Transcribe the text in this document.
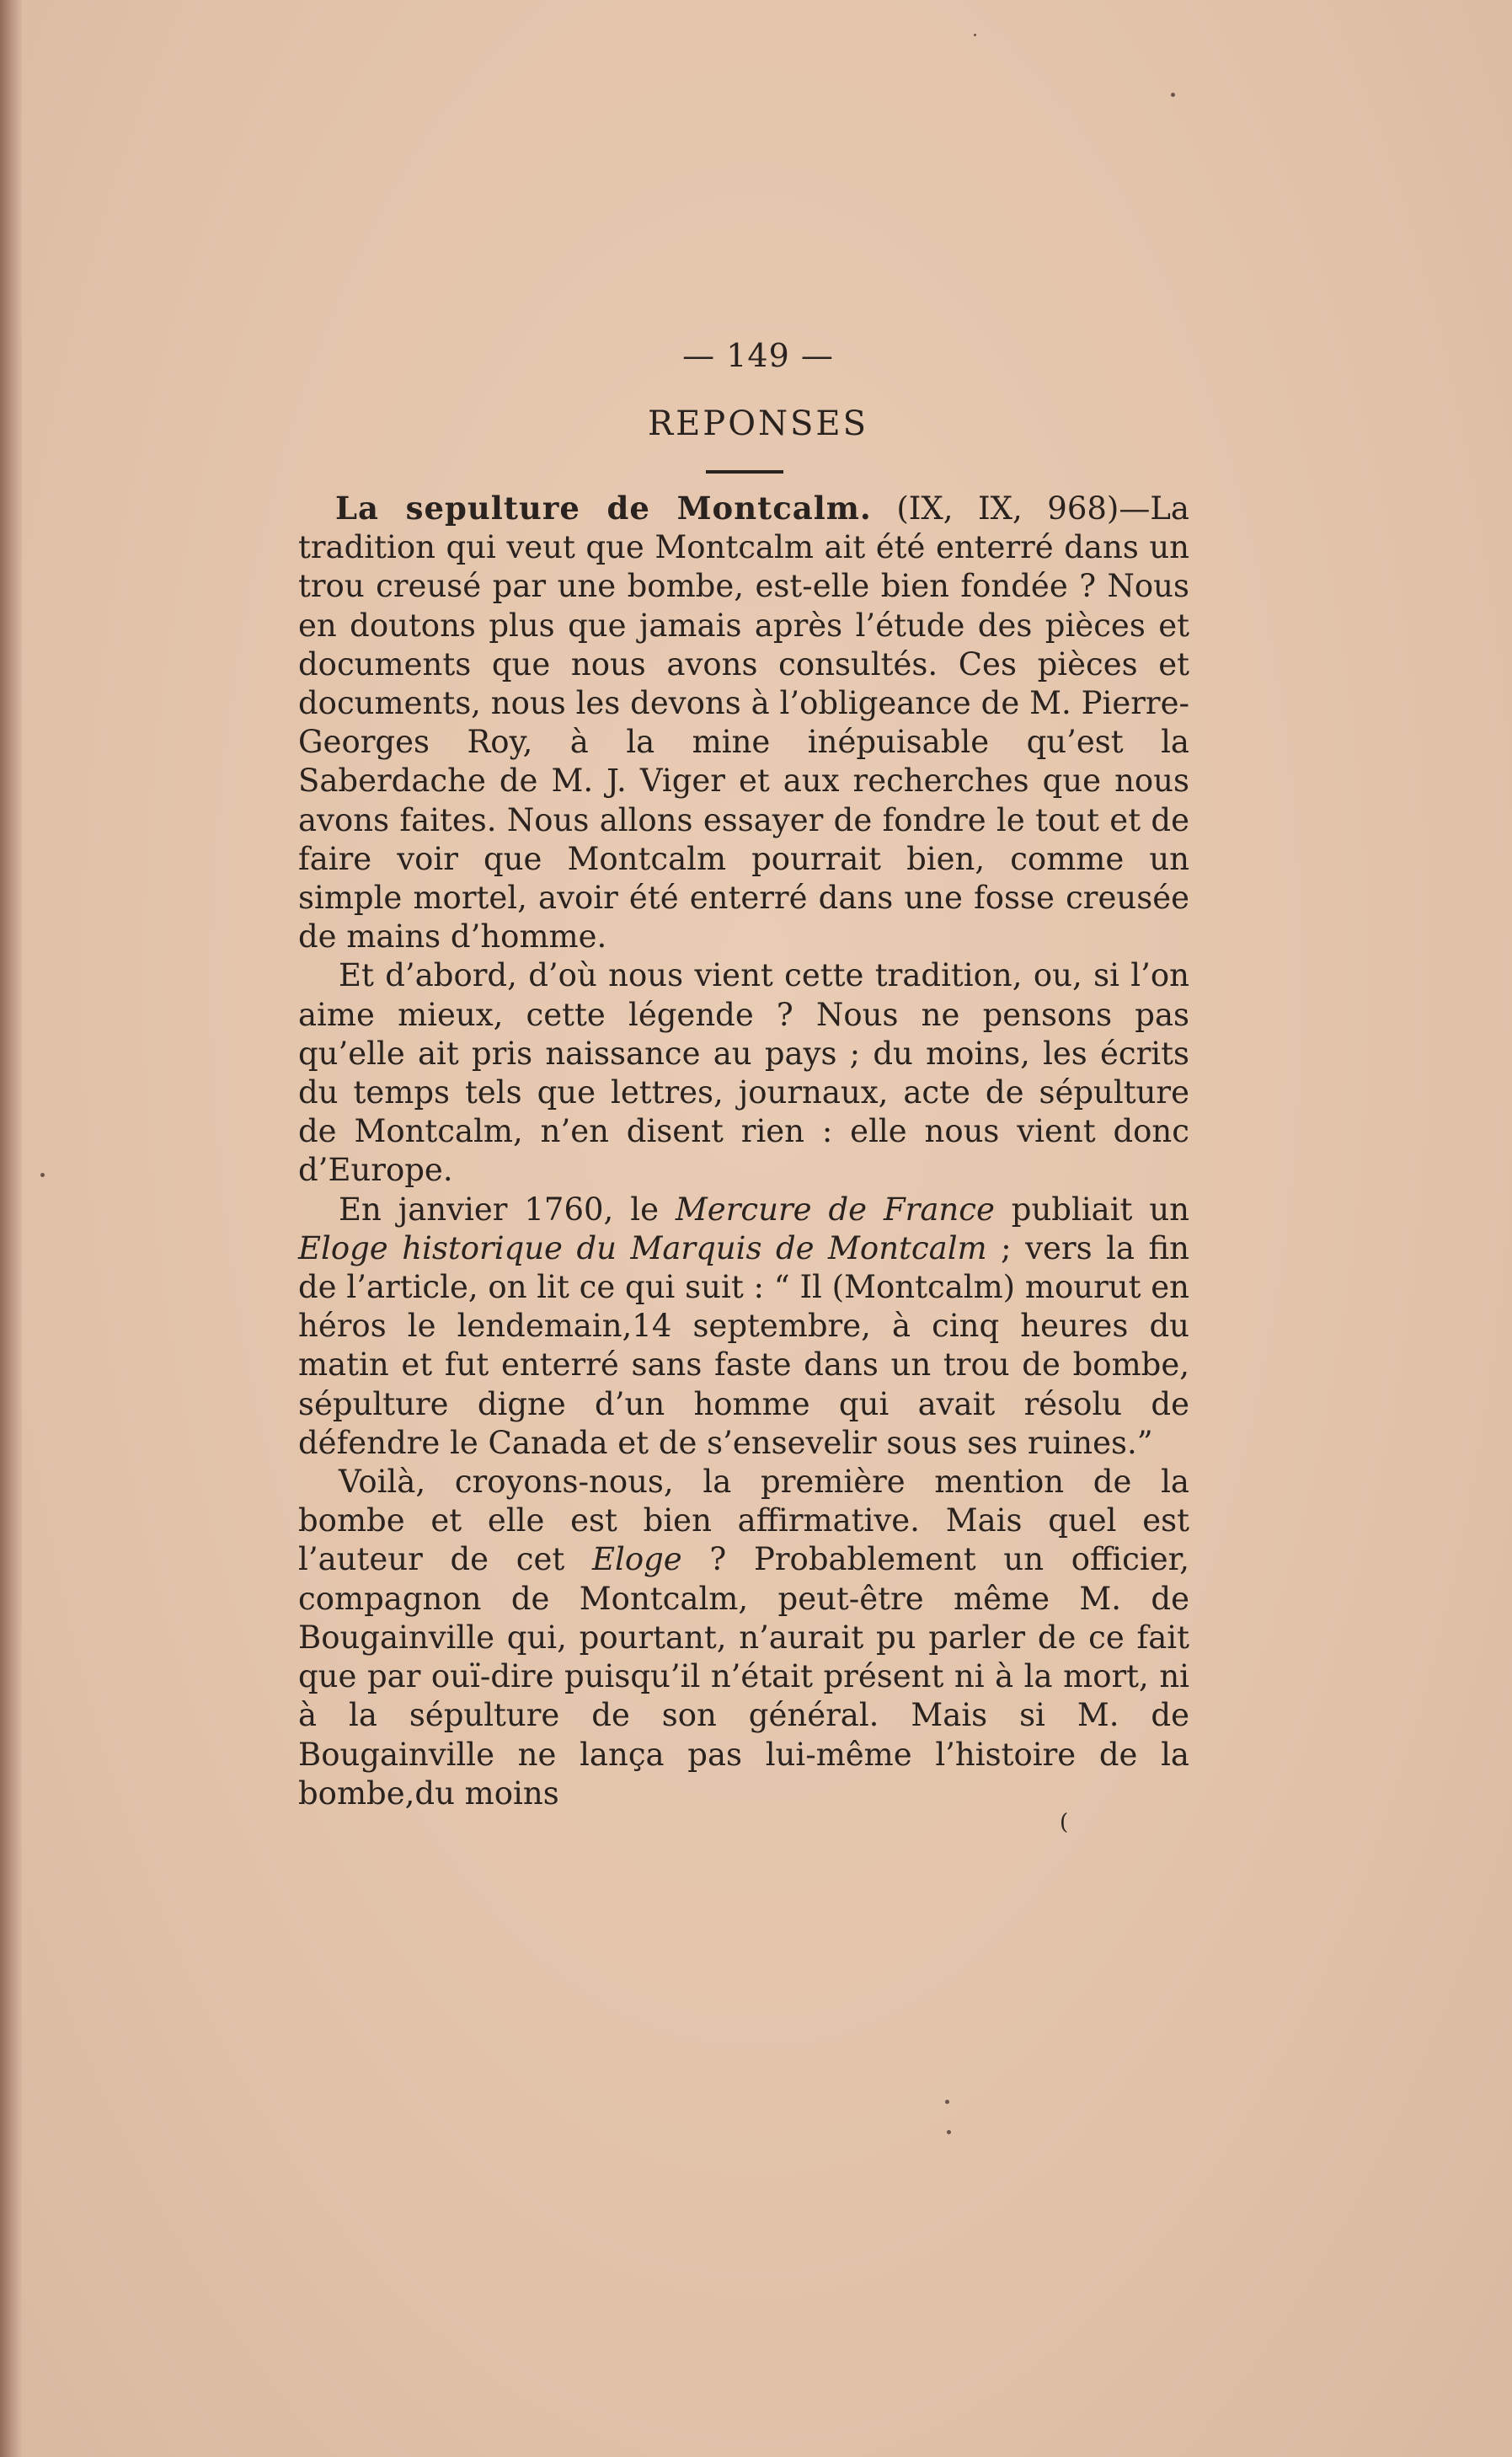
— 149 —
REPONSES

La sepulture de Montcalm. (IX, IX, 968)—La tradition qui veut que Montcalm ait été enterré dans un trou creusé par une bombe, est-elle bien fondée ? Nous en doutons plus que jamais après l’étude des pièces et documents que nous avons consultés. Ces pièces et documents, nous les devons à l’obligeance de M. Pierre-Georges Roy, à la mine inépuisable qu’est la Saberdache de M. J. Viger et aux recherches que nous avons faites. Nous allons essayer de fondre le tout et de faire voir que Montcalm pourrait bien, comme un simple mortel, avoir été enterré dans une fosse creusée de mains d’homme.

Et d’abord, d’où nous vient cette tradition, ou, si l’on aime mieux, cette légende ? Nous ne pensons pas qu’elle ait pris naissance au pays ; du moins, les écrits du temps tels que lettres, journaux, acte de sépulture de Montcalm, n’en disent rien : elle nous vient donc d’Europe.

En janvier 1760, le Mercure de France publiait un Eloge historique du Marquis de Montcalm ; vers la fin de l’article, on lit ce qui suit : “ Il (Montcalm) mourut en héros le lendemain,14 septembre, à cinq heures du matin et fut enterré sans faste dans un trou de bombe, sépulture digne d’un homme qui avait résolu de défendre le Canada et de s’ensevelir sous ses ruines.”

Voilà, croyons-nous, la première mention de la bombe et elle est bien affirmative. Mais quel est l’auteur de cet Eloge ? Probablement un officier, compagnon de Montcalm, peut-être même M. de Bougainville qui, pourtant, n’aurait pu parler de ce fait que par ouï-dire puisqu’il n’était présent ni à la mort, ni à la sépulture de son général. Mais si M. de Bougainville ne lança pas lui-même l’histoire de la bombe,du moins

(
